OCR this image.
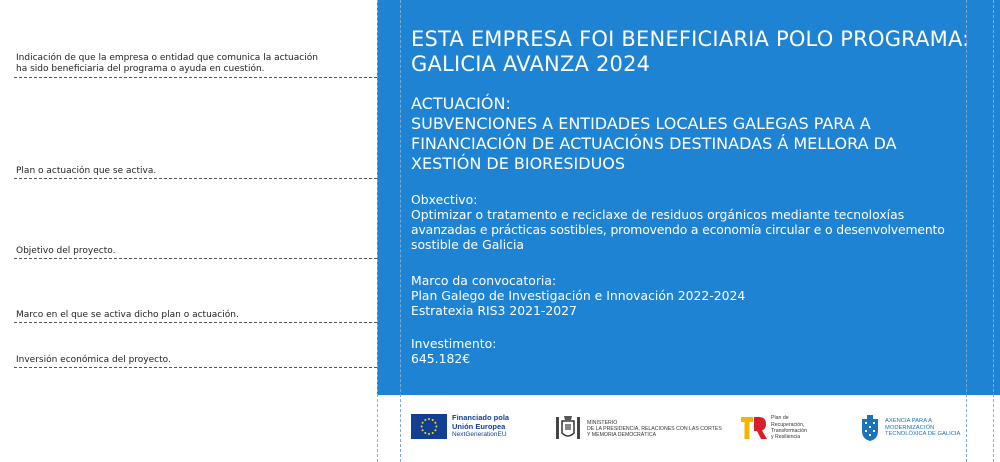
Indicación de que la empresa o entidad que comunica la actuación
ha sido beneficiaria del programa o ayuda en cuestión.
Plan o actuación que se activa.
Objetivo del proyecto.
Marco en el que se activa dicho plan o actuación.
Inversión económica del proyecto.
ESTA EMPRESA FOI BENEFICIARIA POLO PROGRAMA:
GALICIA AVANZA 2024
ACTUACIÓN:
SUBVENCIONES A ENTIDADES LOCALES GALEGAS PARA A
FINANCIACIÓN DE ACTUACIÓNS DESTINADAS Á MELLORA DA
XESTIÓN DE BIORESIDUOS
Obxectivo:
Optimizar o tratamento e reciclaxe de residuos orgánicos mediante tecnoloxías
avanzadas e prácticas sostibles, promovendo a economía circular e o desenvolvemento
sostible de Galicia
Marco da convocatoria:
Plan Galego de Investigación e Innovación 2022-2024
Estratexia RIS3 2021-2027
Investimento:
645.182€
Financiado pola
Unión Europea
NextGenerationEU
MINISTERIO
DE LA PRESIDENCIA, RELACIONES CON LAS CORTES
Y MEMORIA DEMOCRÁTICA
Plan de
Recuperación,
Transformación
y Resiliencia
AXENCIA PARA A
MODERNIZACIÓN
TECNOLÓXICA DE GALICIA
